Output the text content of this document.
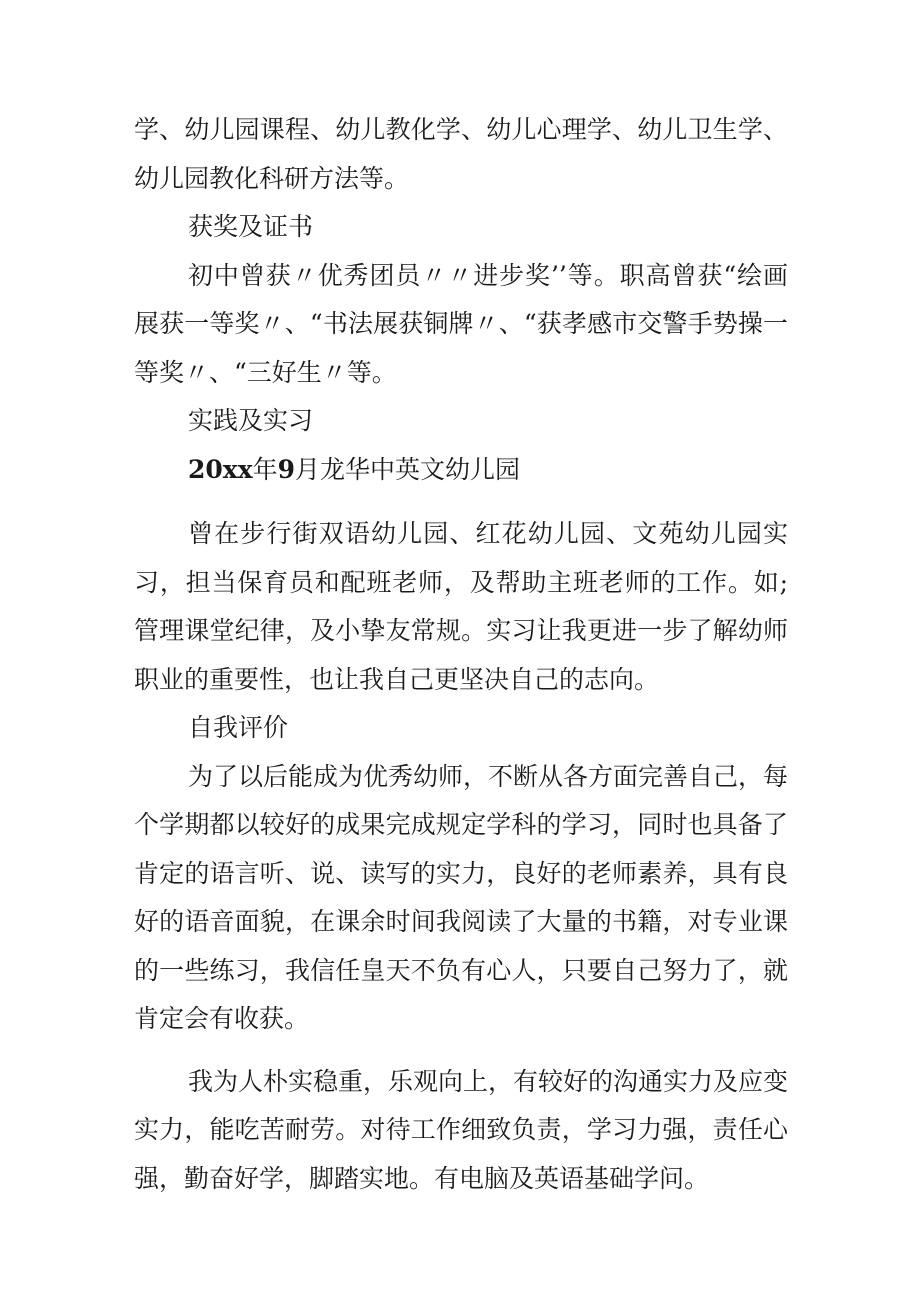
学、幼儿园课程、幼儿教化学、幼儿心理学、幼儿卫生学、幼儿园教化科研方法等。

获奖及证书

初中曾获〃优秀团员〃〃进步奖’’等。职高曾获“绘画展获一等奖〃、“书法展获铜牌〃、“获孝感市交警手势操一等奖〃、“三好生〃等。

实践及实习

20xx年9月龙华中英文幼儿园

曾在步行街双语幼儿园、红花幼儿园、文苑幼儿园实习，担当保育员和配班老师，及帮助主班老师的工作。如;管理课堂纪律，及小挚友常规。实习让我更进一步了解幼师职业的重要性，也让我自己更坚决自己的志向。

自我评价

为了以后能成为优秀幼师，不断从各方面完善自己，每个学期都以较好的成果完成规定学科的学习，同时也具备了肯定的语言听、说、读写的实力，良好的老师素养，具有良好的语音面貌，在课余时间我阅读了大量的书籍，对专业课的一些练习，我信任皇天不负有心人，只要自己努力了，就肯定会有收获。

我为人朴实稳重，乐观向上，有较好的沟通实力及应变实力，能吃苦耐劳。对待工作细致负责，学习力强，责任心强，勤奋好学，脚踏实地。有电脑及英语基础学问。
